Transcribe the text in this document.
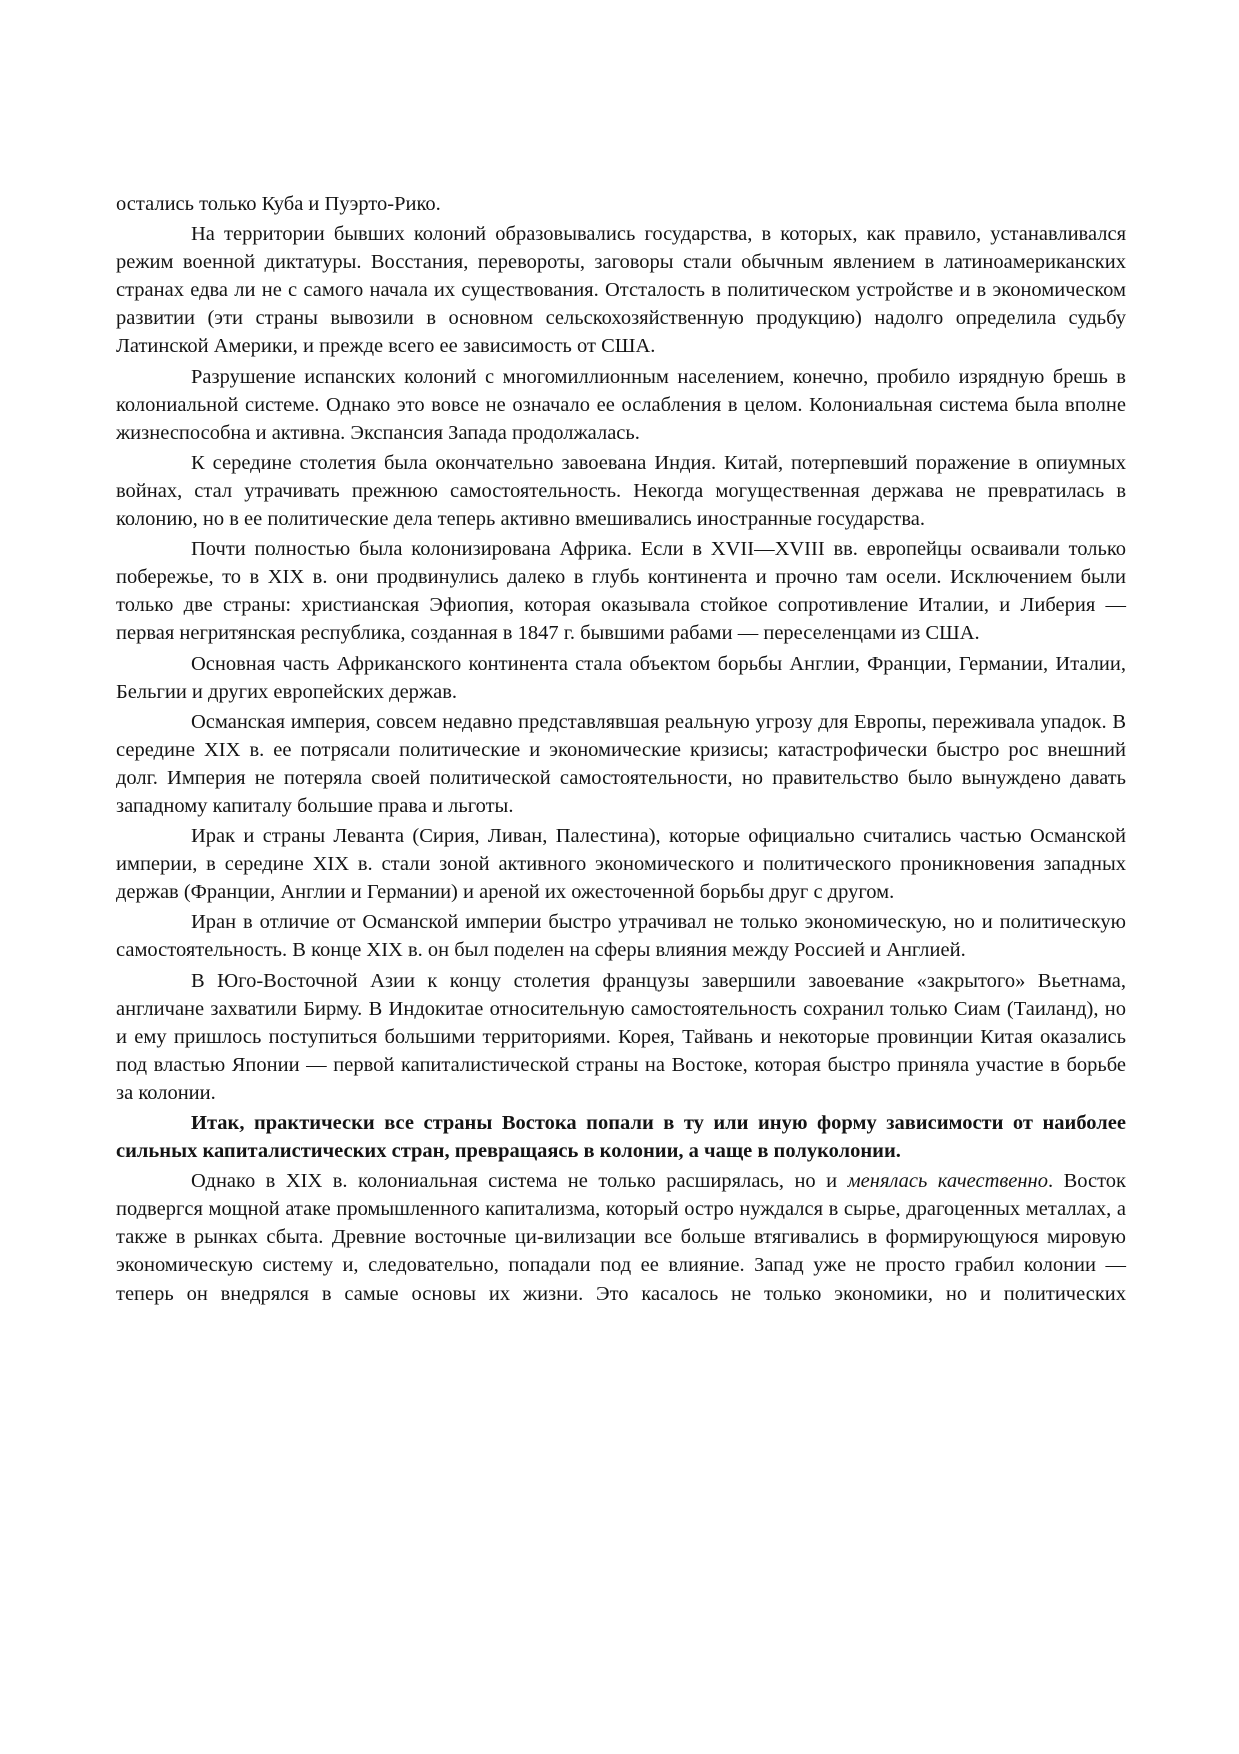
остались только Куба и Пуэрто-Рико.

На территории бывших колоний образовывались государства, в которых, как правило, устанавливался режим военной диктатуры. Восстания, перевороты, заговоры стали обычным явлением в латиноамериканских странах едва ли не с самого начала их существования. Отсталость в политическом устройстве и в экономическом развитии (эти страны вывозили в основном сельскохозяйственную продукцию) надолго определила судьбу Латинской Америки, и прежде всего ее зависимость от США.

Разрушение испанских колоний с многомиллионным населением, конечно, пробило изрядную брешь в колониальной системе. Однако это вовсе не означало ее ослабления в целом. Колониальная система была вполне жизнеспособна и активна. Экспансия Запада продолжалась.

К середине столетия была окончательно завоевана Индия. Китай, потерпевший поражение в опиумных войнах, стал утрачивать прежнюю самостоятельность. Некогда могущественная держава не превратилась в колонию, но в ее политические дела теперь активно вмешивались иностранные государства.

Почти полностью была колонизирована Африка. Если в XVII—XVIII вв. европейцы осваивали только побережье, то в XIX в. они продвинулись далеко в глубь континента и прочно там осели. Исключением были только две страны: христианская Эфиопия, которая оказывала стойкое сопротивление Италии, и Либерия — первая негритянская республика, созданная в 1847 г. бывшими рабами — переселенцами из США.

Основная часть Африканского континента стала объектом борьбы Англии, Франции, Германии, Италии, Бельгии и других европейских держав.

Османская империя, совсем недавно представлявшая реальную угрозу для Европы, переживала упадок. В середине XIX в. ее потрясали политические и экономические кризисы; катастрофически быстро рос внешний долг. Империя не потеряла своей политической самостоятельности, но правительство было вынуждено давать западному капиталу большие права и льготы.

Ирак и страны Леванта (Сирия, Ливан, Палестина), которые официально считались частью Османской империи, в середине XIX в. стали зоной активного экономического и политического проникновения западных держав (Франции, Англии и Германии) и ареной их ожесточенной борьбы друг с другом.

Иран в отличие от Османской империи быстро утрачивал не только экономическую, но и политическую самостоятельность. В конце XIX в. он был поделен на сферы влияния между Россией и Англией.

В Юго-Восточной Азии к концу столетия французы завершили завоевание «закрытого» Вьетнама, англичане захватили Бирму. В Индокитае относительную самостоятельность сохранил только Сиам (Таиланд), но и ему пришлось поступиться большими территориями. Корея, Тайвань и некоторые провинции Китая оказались под властью Японии — первой капиталистической страны на Востоке, которая быстро приняла участие в борьбе за колонии.

Итак, практически все страны Востока попали в ту или иную форму зависимости от наиболее сильных капиталистических стран, превращаясь в колонии, а чаще в полуколонии.

Однако в XIX в. колониальная система не только расширялась, но и менялась качественно. Восток подвергся мощной атаке промышленного капитализма, который остро нуждался в сырье, драгоценных металлах, а также в рынках сбыта. Древние восточные ци-вилизации все больше втягивались в формирующуюся мировую экономическую систему и, следовательно, попадали под ее влияние. Запад уже не просто грабил колонии — теперь он внедрялся в самые основы их жизни. Это касалось не только экономики, но и политических
